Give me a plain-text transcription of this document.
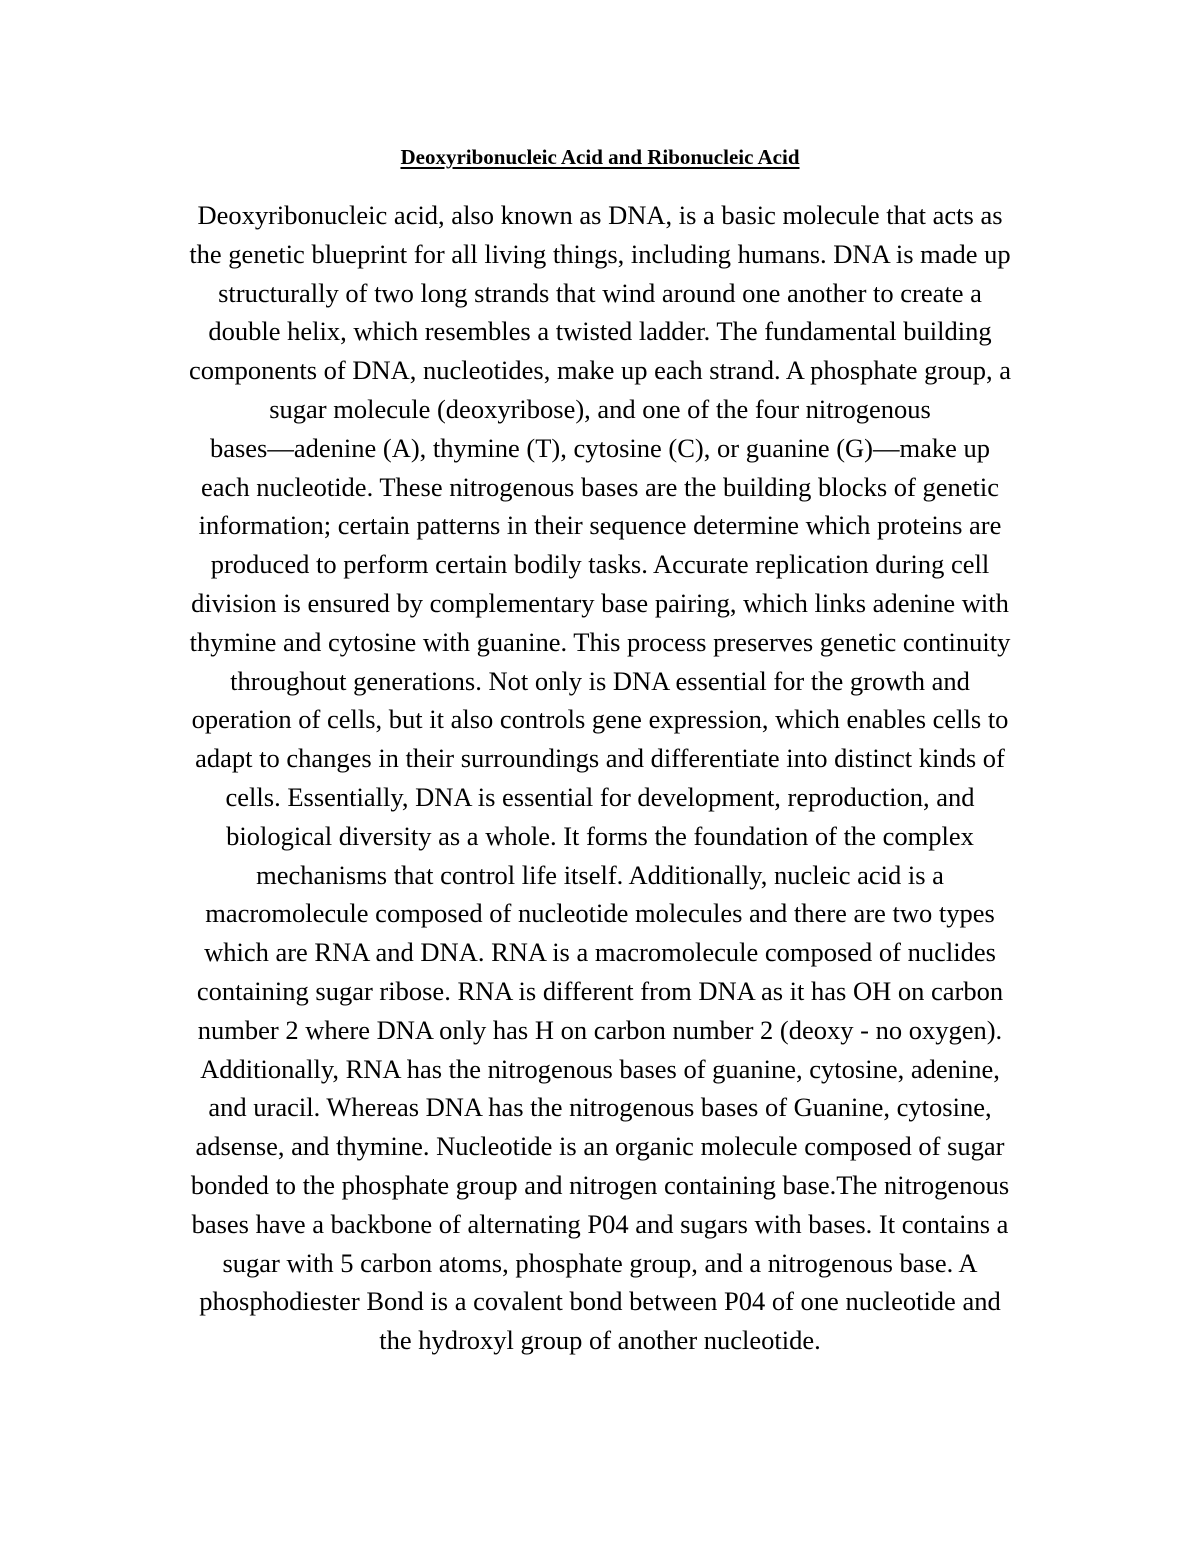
Deoxyribonucleic Acid and Ribonucleic Acid
Deoxyribonucleic acid, also known as DNA, is a basic molecule that acts as
the genetic blueprint for all living things, including humans. DNA is made up
structurally of two long strands that wind around one another to create a
double helix, which resembles a twisted ladder. The fundamental building
components of DNA, nucleotides, make up each strand. A phosphate group, a
sugar molecule (deoxyribose), and one of the four nitrogenous
bases—adenine (A), thymine (T), cytosine (C), or guanine (G)—make up
each nucleotide. These nitrogenous bases are the building blocks of genetic
information; certain patterns in their sequence determine which proteins are
produced to perform certain bodily tasks. Accurate replication during cell
division is ensured by complementary base pairing, which links adenine with
thymine and cytosine with guanine. This process preserves genetic continuity
throughout generations. Not only is DNA essential for the growth and
operation of cells, but it also controls gene expression, which enables cells to
adapt to changes in their surroundings and differentiate into distinct kinds of
cells. Essentially, DNA is essential for development, reproduction, and
biological diversity as a whole. It forms the foundation of the complex
mechanisms that control life itself. Additionally, nucleic acid is a
macromolecule composed of nucleotide molecules and there are two types
which are RNA and DNA. RNA is a macromolecule composed of nuclides
containing sugar ribose. RNA is different from DNA as it has OH on carbon
number 2 where DNA only has H on carbon number 2 (deoxy - no oxygen).
Additionally, RNA has the nitrogenous bases of guanine, cytosine, adenine,
and uracil. Whereas DNA has the nitrogenous bases of Guanine, cytosine,
adsense, and thymine. Nucleotide is an organic molecule composed of sugar
bonded to the phosphate group and nitrogen containing base.The nitrogenous
bases have a backbone of alternating P04 and sugars with bases. It contains a
sugar with 5 carbon atoms, phosphate group, and a nitrogenous base. A
phosphodiester Bond is a covalent bond between P04 of one nucleotide and
the hydroxyl group of another nucleotide.
